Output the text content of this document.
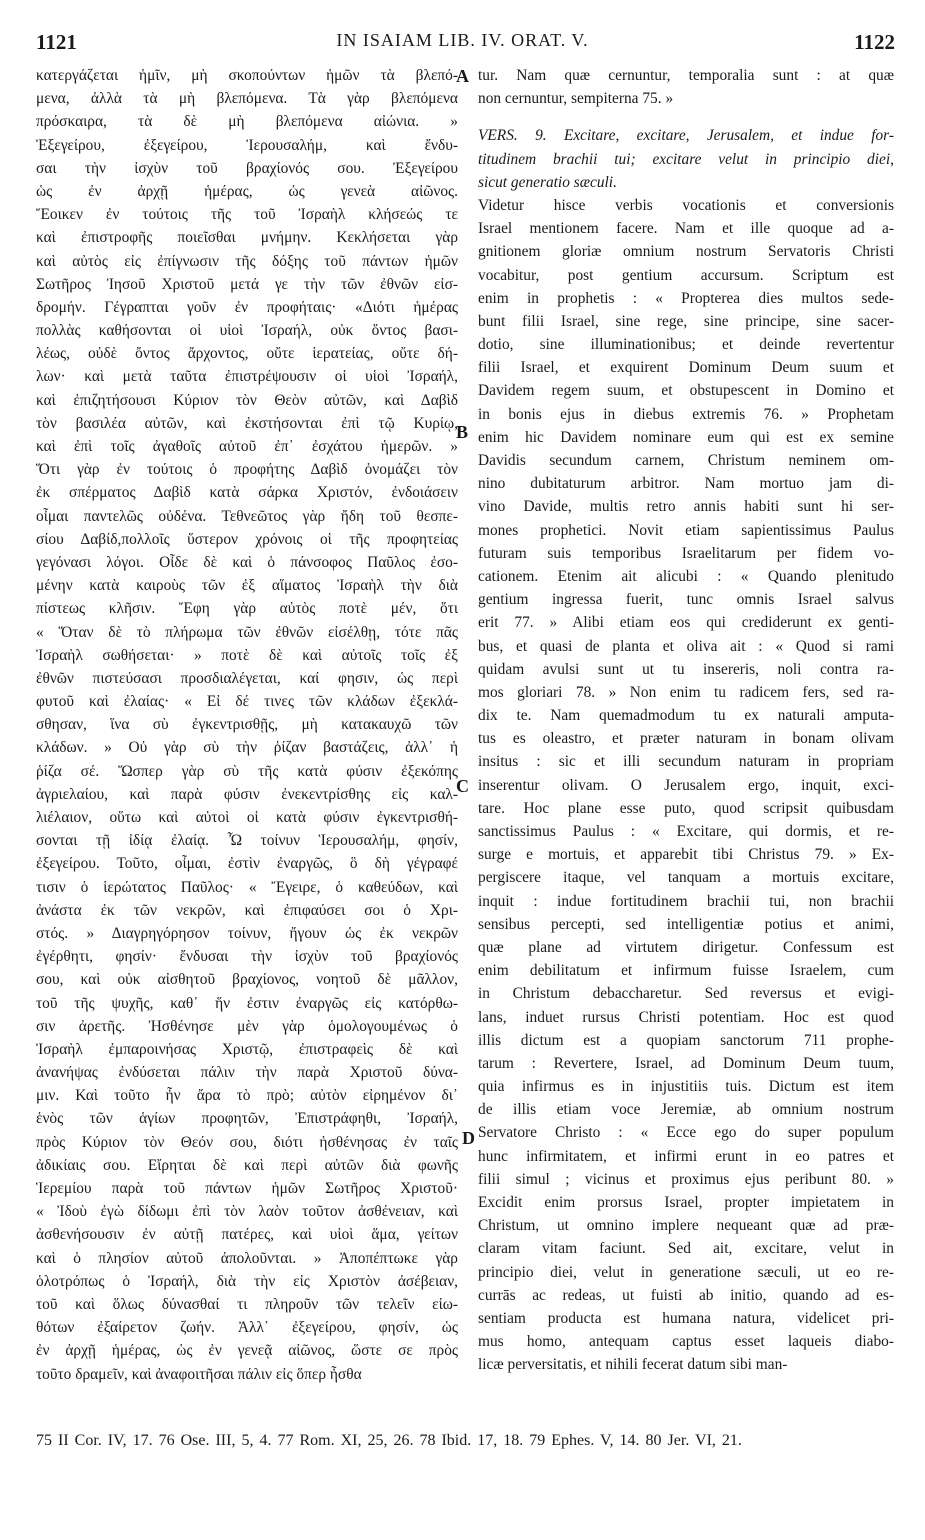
1121	IN ISAIAM LIB. IV. ORAT. V.	1122
κατεργάζεται ἡμῖν, μὴ σκοπούντων ἡμῶν τὰ βλεπό-
μενα, ἀλλὰ τὰ μὴ βλεπόμενα. Τὰ γὰρ βλεπόμενα
πρόσκαιρα, τὰ δὲ μὴ βλεπόμενα αἰώνια. »
Ἐξεγείρου, ἐξεγείρου, Ἱερουσαλήμ, καὶ ἔνδυ-
σαι τὴν ἰσχὺν τοῦ βραχίονός σου. Ἐξεγείρου
ὡς ἐν ἀρχῇ ἡμέρας, ὡς γενεὰ αἰῶνος.
Ἔοικεν ἐν τούτοις τῆς τοῦ Ἰσραὴλ κλήσεώς τε
καὶ ἐπιστροφῆς ποιεῖσθαι μνήμην. Κεκλήσεται γὰρ
καὶ αὐτὸς εἰς ἐπίγνωσιν τῆς δόξης τοῦ πάντων ἡμῶν
Σωτῆρος Ἰησοῦ Χριστοῦ μετά γε τὴν τῶν ἐθνῶν εἰσ-
δρομήν. Γέγραπται γοῦν ἐν προφήταις· «Διότι ἡμέρας
πολλὰς καθήσονται οἱ υἱοὶ Ἰσραήλ, οὐκ ὄντος βασι-
λέως, οὐδὲ ὄντος ἄρχοντος, οὔτε ἱερατείας, οὔτε δή-
λων· καὶ μετὰ ταῦτα ἐπιστρέψουσιν οἱ υἱοὶ Ἰσραήλ,
καὶ ἐπιζητήσουσι Κύριον τὸν Θεὸν αὐτῶν, καὶ Δαβὶδ
τὸν βασιλέα αὐτῶν, καὶ ἐκστήσονται ἐπὶ τῷ Κυρίῳ,
καὶ ἐπὶ τοῖς ἀγαθοῖς αὐτοῦ ἐπ᾽ ἐσχάτου ἡμερῶν. »
Ὅτι γὰρ ἐν τούτοις ὁ προφήτης Δαβὶδ ὀνομάζει τὸν
ἐκ σπέρματος Δαβὶδ κατὰ σάρκα Χριστόν, ἐνδοιάσειν
οἶμαι παντελῶς οὐδένα. Τεθνεῶτος γὰρ ἤδη τοῦ θεσπε-
σίου Δαβίδ,πολλοῖς ὕστερον χρόνοις οἱ τῆς προφητείας
γεγόνασι λόγοι. Οἶδε δὲ καὶ ὁ πάνσοφος Παῦλος ἐσο-
μένην κατὰ καιροὺς τῶν ἐξ αἵματος Ἰσραὴλ τὴν διὰ
πίστεως κλῆσιν. Ἔφη γὰρ αὐτὸς ποτὲ μέν, ὅτι
« Ὅταν δὲ τὸ πλήρωμα τῶν ἐθνῶν εἰσέλθῃ, τότε πᾶς
Ἰσραὴλ σωθήσεται· » ποτὲ δὲ καὶ αὐτοῖς τοῖς ἐξ
ἐθνῶν πιστεύσασι προσδιαλέγεται, καί φησιν, ὡς περὶ
φυτοῦ καὶ ἐλαίας· « Εἰ δέ τινες τῶν κλάδων ἐξεκλά-
σθησαν, ἵνα σὺ ἐγκεντρισθῇς, μὴ κατακαυχῶ τῶν
κλάδων. » Οὐ γὰρ σὺ τὴν ῥίζαν βαστάζεις, ἀλλ᾽ ἡ
ῥίζα σέ. Ὥσπερ γὰρ σὺ τῆς κατὰ φύσιν ἐξεκόπης
ἀγριελαίου, καὶ παρὰ φύσιν ἐνεκεντρίσθης εἰς καλ-
λιέλαιον, οὕτω καὶ αὐτοὶ οἱ κατὰ φύσιν ἐγκεντρισθή-
σονται τῇ ἰδίᾳ ἐλαίᾳ. Ὦ τοίνυν Ἱερουσαλήμ, φησίν,
ἐξεγείρου. Τοῦτο, οἶμαι, ἐστὶν ἐναργῶς, ὃ δὴ γέγραφέ
τισιν ὁ ἱερώτατος Παῦλος· « Ἔγειρε, ὁ καθεύδων, καὶ
ἀνάστα ἐκ τῶν νεκρῶν, καὶ ἐπιφαύσει σοι ὁ Χρι-
στός. » Διαγρηγόρησον τοίνυν, ἤγουν ὡς ἐκ νεκρῶν
ἐγέρθητι, φησίν· ἔνδυσαι τὴν ἰσχὺν τοῦ βραχίονός
σου, καὶ οὐκ αἰσθητοῦ βραχίονος, νοητοῦ δὲ μᾶλλον,
τοῦ τῆς ψυχῆς, καθ᾽ ἥν ἐστιν ἐναργῶς εἰς κατόρθω-
σιν ἀρετῆς. Ἠσθένησε μὲν γὰρ ὁμολογουμένως ὁ
Ἰσραὴλ ἐμπαροινήσας Χριστῷ, ἐπιστραφεὶς δὲ καὶ
ἀνανήψας ἐνδύσεται πάλιν τὴν παρὰ Χριστοῦ δύνα-
μιν. Καὶ τοῦτο ἦν ἄρα τὸ πρὸ; αὐτὸν εἰρημένον δι᾽
ἑνὸς τῶν ἁγίων προφητῶν, Ἐπιστράφηθι, Ἰσραήλ,
πρὸς Κύριον τὸν Θεόν σου, διότι ἠσθένησας ἐν ταῖς
ἀδικίαις σου. Εἴρηται δὲ καὶ περὶ αὐτῶν διὰ φωνῆς
Ἱερεμίου παρὰ τοῦ πάντων ἡμῶν Σωτῆρος Χριστοῦ·
« Ἰδοὺ ἐγὼ δίδωμι ἐπὶ τὸν λαὸν τοῦτον ἀσθένειαν, καὶ
ἀσθενήσουσιν ἐν αὐτῇ πατέρες, καὶ υἱοὶ ἅμα, γείτων
καὶ ὁ πλησίον αὐτοῦ ἀπολοῦνται. » Ἀποπέπτωκε γὰρ
ὁλοτρόπως ὁ Ἰσραήλ, διὰ τὴν εἰς Χριστὸν ἀσέβειαν,
τοῦ καὶ ὅλως δύνασθαί τι πληροῦν τῶν τελεῖν εἰω-
θότων ἐξαίρετον ζωήν. Ἀλλ᾽ ἐξεγείρου, φησίν, ὡς
ἐν ἀρχῇ ἡμέρας, ὡς ἐν γενεᾷ αἰῶνος, ὥστε σε πρὸς
τοῦτο δραμεῖν, καὶ ἀναφοιτῆσαι πάλιν εἰς ὅπερ ἦσθα
tur. Nam quæ cernuntur, temporalia sunt : at quæ
non cernuntur, sempiterna 75. »
VERS. 9. Excitare, excitare, Jerusalem, et indue for-
titudinem brachii tui; excitare velut in principio diei,
sicut generatio sæculi.
Videtur hisce verbis vocationis et conversionis
Israel mentionem facere. Nam et ille quoque ad a-
gnitionem gloriæ omnium nostrum Servatoris Christi
vocabitur, post gentium accursum. Scriptum est
enim in prophetis : « Propterea dies multos sede-
bunt filii Israel, sine rege, sine principe, sine sacer-
dotio, sine illuminationibus; et deinde revertentur
filii Israel, et exquirent Dominum Deum suum et
Davidem regem suum, et obstupescent in Domino et
in bonis ejus in diebus extremis 76. » Prophetam
enim hic Davidem nominare eum qui est ex semine
Davidis secundum carnem, Christum neminem om-
nino dubitaturum arbitror. Nam mortuo jam di-
vino Davide, multis retro annis habiti sunt hi ser-
mones prophetici. Novit etiam sapientissimus Paulus
futuram suis temporibus Israelitarum per fidem vo-
cationem. Etenim ait alicubi : « Quando plenitudo
gentium ingressa fuerit, tunc omnis Israel salvus
erit 77. » Alibi etiam eos qui crediderunt ex genti-
bus, et quasi de planta et oliva ait : « Quod si rami
quidam avulsi sunt ut tu insereris, noli contra ra-
mos gloriari 78. » Non enim tu radicem fers, sed ra-
dix te. Nam quemadmodum tu ex naturali amputa-
tus es oleastro, et præter naturam in bonam olivam
insitus : sic et illi secundum naturam in propriam
inserentur olivam. O Jerusalem ergo, inquit, exci-
tare. Hoc plane esse puto, quod scripsit quibusdam
sanctissimus Paulus : « Excitare, qui dormis, et re-
surge e mortuis, et apparebit tibi Christus 79. » Ex-
pergiscere itaque, vel tanquam a mortuis excitare,
inquit : indue fortitudinem brachii tui, non brachii
sensibus percepti, sed intelligentiæ potius et animi,
quæ plane ad virtutem dirigetur. Confessum est
enim debilitatum et infirmum fuisse Israelem, cum
in Christum debaccharetur. Sed reversus et evigi-
lans, induet rursus Christi potentiam. Hoc est quod
illis dictum est a quopiam sanctorum 711 prophe-
tarum : Revertere, Israel, ad Dominum Deum tuum,
quia infirmus es in injustitiis tuis. Dictum est item
de illis etiam voce Jeremiæ, ab omnium nostrum
Servatore Christo : « Ecce ego do super populum
hunc infirmitatem, et infirmi erunt in eo patres et
filii simul ; vicinus et proximus ejus peribunt 80. »
Excidit enim prorsus Israel, propter impietatem in
Christum, ut omnino implere nequeant quæ ad præ-
claram vitam faciunt. Sed ait, excitare, velut in
principio diei, velut in generatione sæculi, ut eo re-
currās ac redeas, ut fuisti ab initio, quando ad es-
sentiam producta est humana natura, videlicet pri-
mus homo, antequam captus esset laqueis diabo-
licæ perversitatis, et nihili fecerat datum sibi man-
A
B
C
D
75 II Cor. IV, 17. 76 Ose. III, 5, 4. 77 Rom. XI, 25, 26. 78 Ibid. 17, 18. 79 Ephes. V, 14. 80 Jer. VI, 21.
